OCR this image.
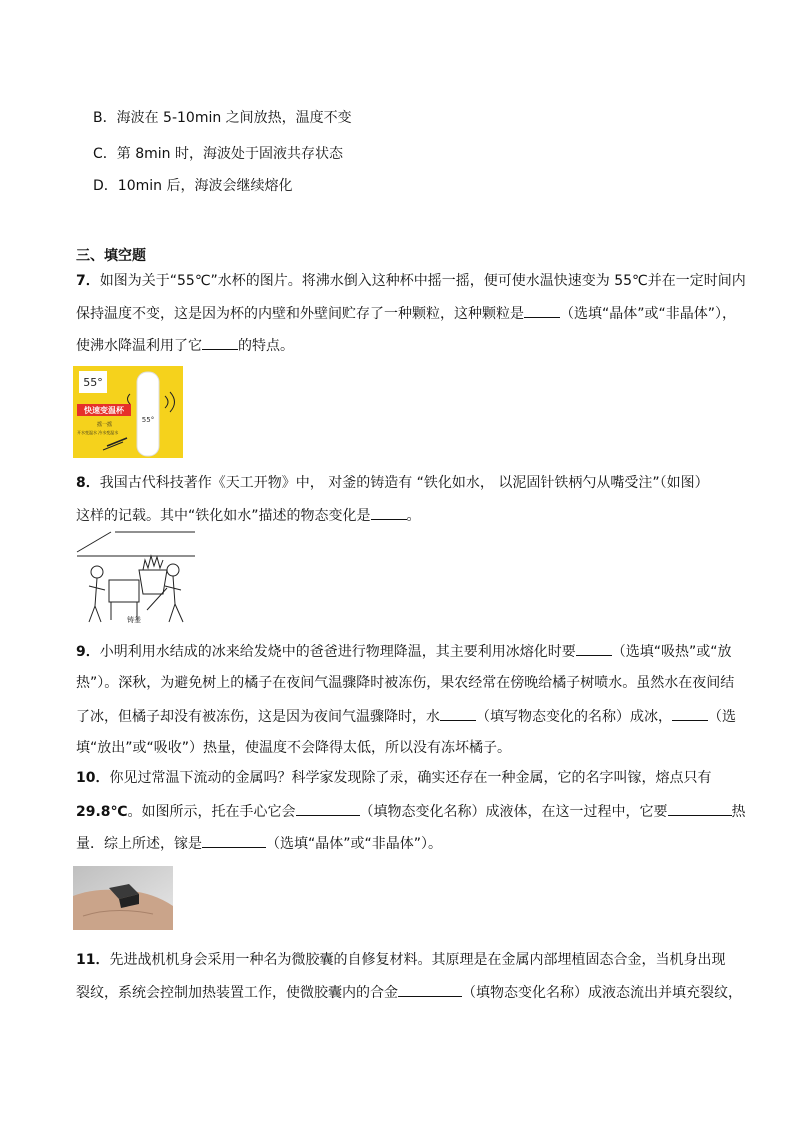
B．海波在 5-10min 之间放热，温度不变
C．第 8min 时，海波处于固液共存状态
D．10min 后，海波会继续熔化
三、填空题
7．如图为关于“55℃”水杯的图片。将沸水倒入这种杯中摇一摇，便可使水温快速变为 55℃并在一定时间内
保持温度不变，这是因为杯的内壁和外壁间贮存了一种颗粒，这种颗粒是	（选填“晶体”或“非晶体”），
使沸水降温利用了它	的特点。
55°
快速变温杯
摇一摇
开水变温水 冷水变温水
55°
8．我国古代科技著作《天工开物》中， 对釜的铸造有 “铁化如水， 以泥固针铁柄勺从嘴受注”（如图）
这样的记载。其中“铁化如水”描述的物态变化是	。
铸釜
9．小明利用水结成的冰来给发烧中的爸爸进行物理降温，其主要利用冰熔化时要	（选填“吸热”或“放
热”）。深秋，为避免树上的橘子在夜间气温骤降时被冻伤，果农经常在傍晚给橘子树喷水。虽然水在夜间结
了冰，但橘子却没有被冻伤，这是因为夜间气温骤降时，水	（填写物态变化的名称）成冰，	（选
填“放出”或“吸收”）热量，使温度不会降得太低，所以没有冻坏橘子。
10．你见过常温下流动的金属吗？科学家发现除了汞，确实还存在一种金属，它的名字叫镓，熔点只有
29.8℃。如图所示，托在手心它会	（填物态变化名称）成液体，在这一过程中，它要	热
量．综上所述，镓是	（选填“晶体”或“非晶体”）。
11．先进战机机身会采用一种名为微胶囊的自修复材料。其原理是在金属内部埋植固态合金，当机身出现
裂纹，系统会控制加热装置工作，使微胶囊内的合金	（填物态变化名称）成液态流出并填充裂纹，
